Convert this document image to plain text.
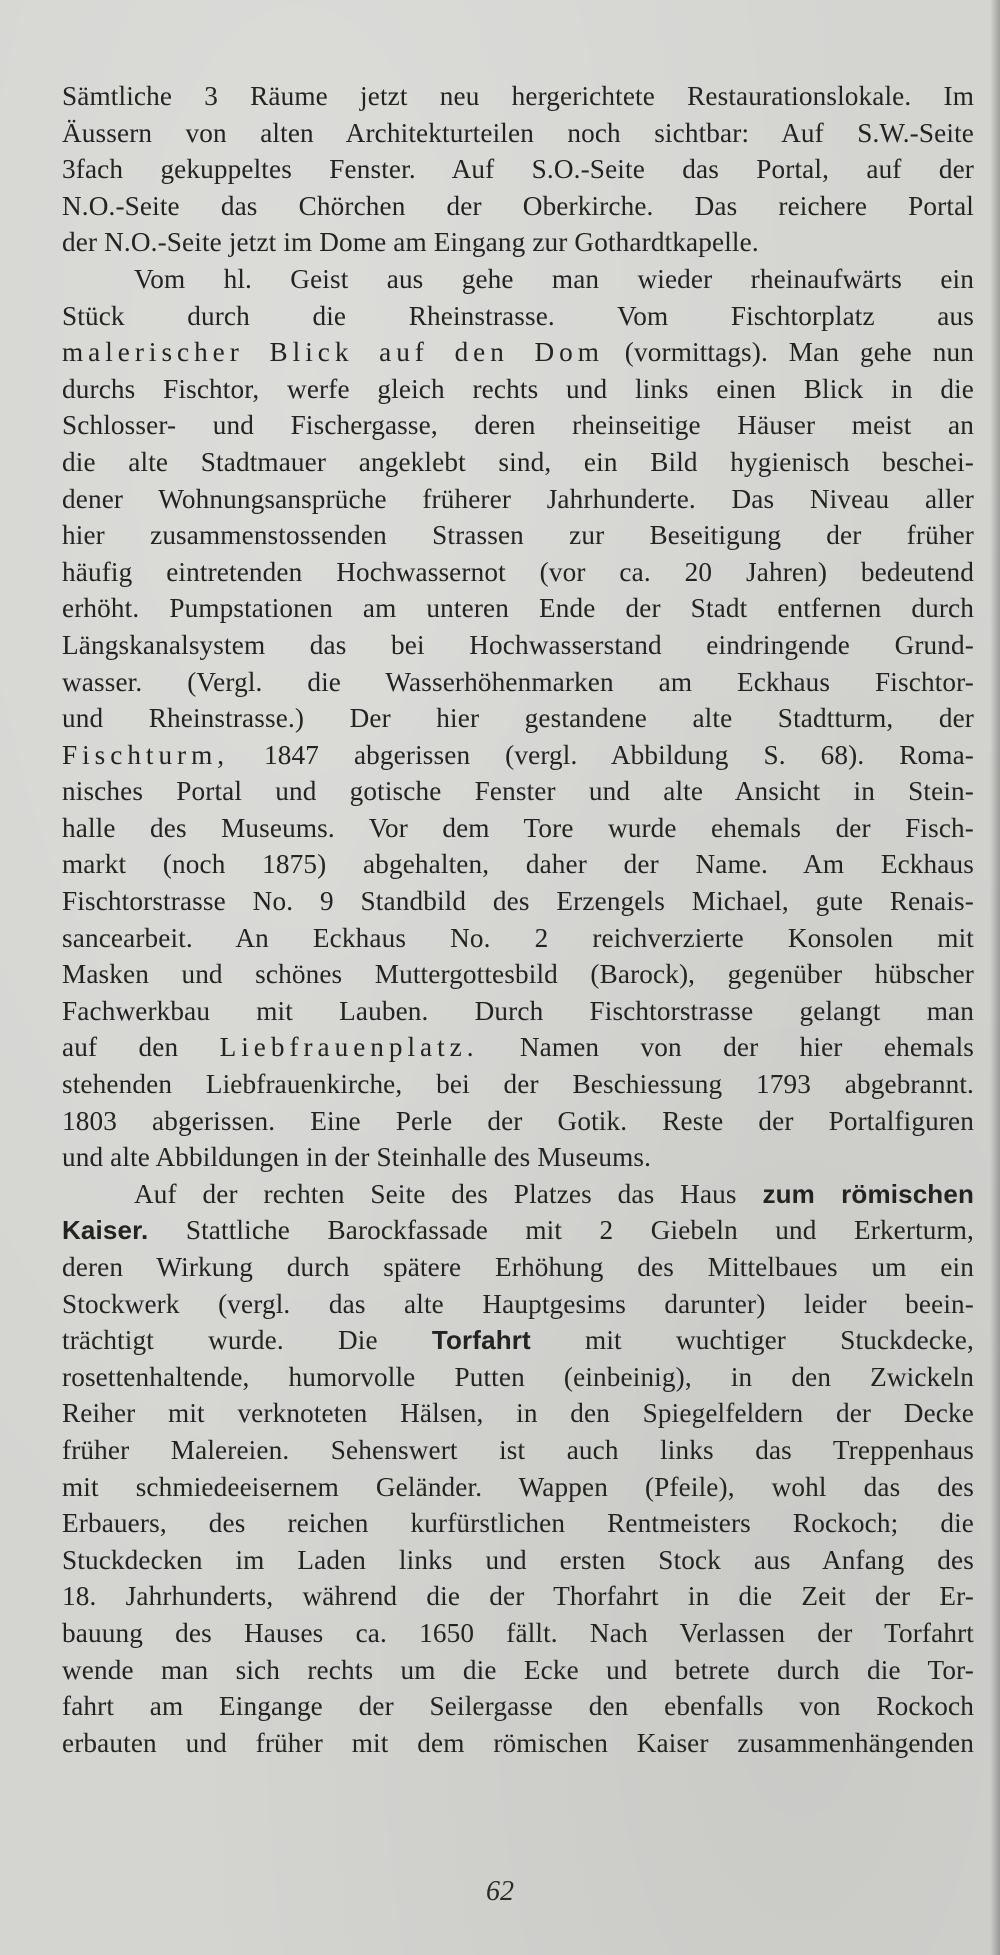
Sämtliche 3 Räume jetzt neu hergerichtete Restaurationslokale. Im
Äussern von alten Architekturteilen noch sichtbar: Auf S.W.-Seite
3fach gekuppeltes Fenster. Auf S.O.-Seite das Portal, auf der
N.O.-Seite das Chörchen der Oberkirche. Das reichere Portal
der N.O.-Seite jetzt im Dome am Eingang zur Gothardtkapelle.
Vom hl. Geist aus gehe man wieder rheinaufwärts ein
Stück durch die Rheinstrasse. Vom Fischtorplatz aus
malerischer Blick auf den Dom (vormittags). Man gehe nun
durchs Fischtor, werfe gleich rechts und links einen Blick in die
Schlosser- und Fischergasse, deren rheinseitige Häuser meist an
die alte Stadtmauer angeklebt sind, ein Bild hygienisch beschei-
dener Wohnungsansprüche früherer Jahrhunderte. Das Niveau aller
hier zusammenstossenden Strassen zur Beseitigung der früher
häufig eintretenden Hochwassernot (vor ca. 20 Jahren) bedeutend
erhöht. Pumpstationen am unteren Ende der Stadt entfernen durch
Längskanalsystem das bei Hochwasserstand eindringende Grund-
wasser. (Vergl. die Wasserhöhenmarken am Eckhaus Fischtor-
und Rheinstrasse.) Der hier gestandene alte Stadtturm, der
Fischturm, 1847 abgerissen (vergl. Abbildung S. 68). Roma-
nisches Portal und gotische Fenster und alte Ansicht in Stein-
halle des Museums. Vor dem Tore wurde ehemals der Fisch-
markt (noch 1875) abgehalten, daher der Name. Am Eckhaus
Fischtorstrasse No. 9 Standbild des Erzengels Michael, gute Renais-
sancearbeit. An Eckhaus No. 2 reichverzierte Konsolen mit
Masken und schönes Muttergottesbild (Barock), gegenüber hübscher
Fachwerkbau mit Lauben. Durch Fischtorstrasse gelangt man
auf den Liebfrauenplatz. Namen von der hier ehemals
stehenden Liebfrauenkirche, bei der Beschiessung 1793 abgebrannt.
1803 abgerissen. Eine Perle der Gotik. Reste der Portalfiguren
und alte Abbildungen in der Steinhalle des Museums.
Auf der rechten Seite des Platzes das Haus zum römischen
Kaiser. Stattliche Barockfassade mit 2 Giebeln und Erkerturm,
deren Wirkung durch spätere Erhöhung des Mittelbaues um ein
Stockwerk (vergl. das alte Hauptgesims darunter) leider beein-
trächtigt wurde. Die Torfahrt mit wuchtiger Stuckdecke,
rosettenhaltende, humorvolle Putten (einbeinig), in den Zwickeln
Reiher mit verknoteten Hälsen, in den Spiegelfeldern der Decke
früher Malereien. Sehenswert ist auch links das Treppenhaus
mit schmiedeeisernem Geländer. Wappen (Pfeile), wohl das des
Erbauers, des reichen kurfürstlichen Rentmeisters Rockoch; die
Stuckdecken im Laden links und ersten Stock aus Anfang des
18. Jahrhunderts, während die der Thorfahrt in die Zeit der Er-
bauung des Hauses ca. 1650 fällt. Nach Verlassen der Torfahrt
wende man sich rechts um die Ecke und betrete durch die Tor-
fahrt am Eingange der Seilergasse den ebenfalls von Rockoch
erbauten und früher mit dem römischen Kaiser zusammenhängenden
62
